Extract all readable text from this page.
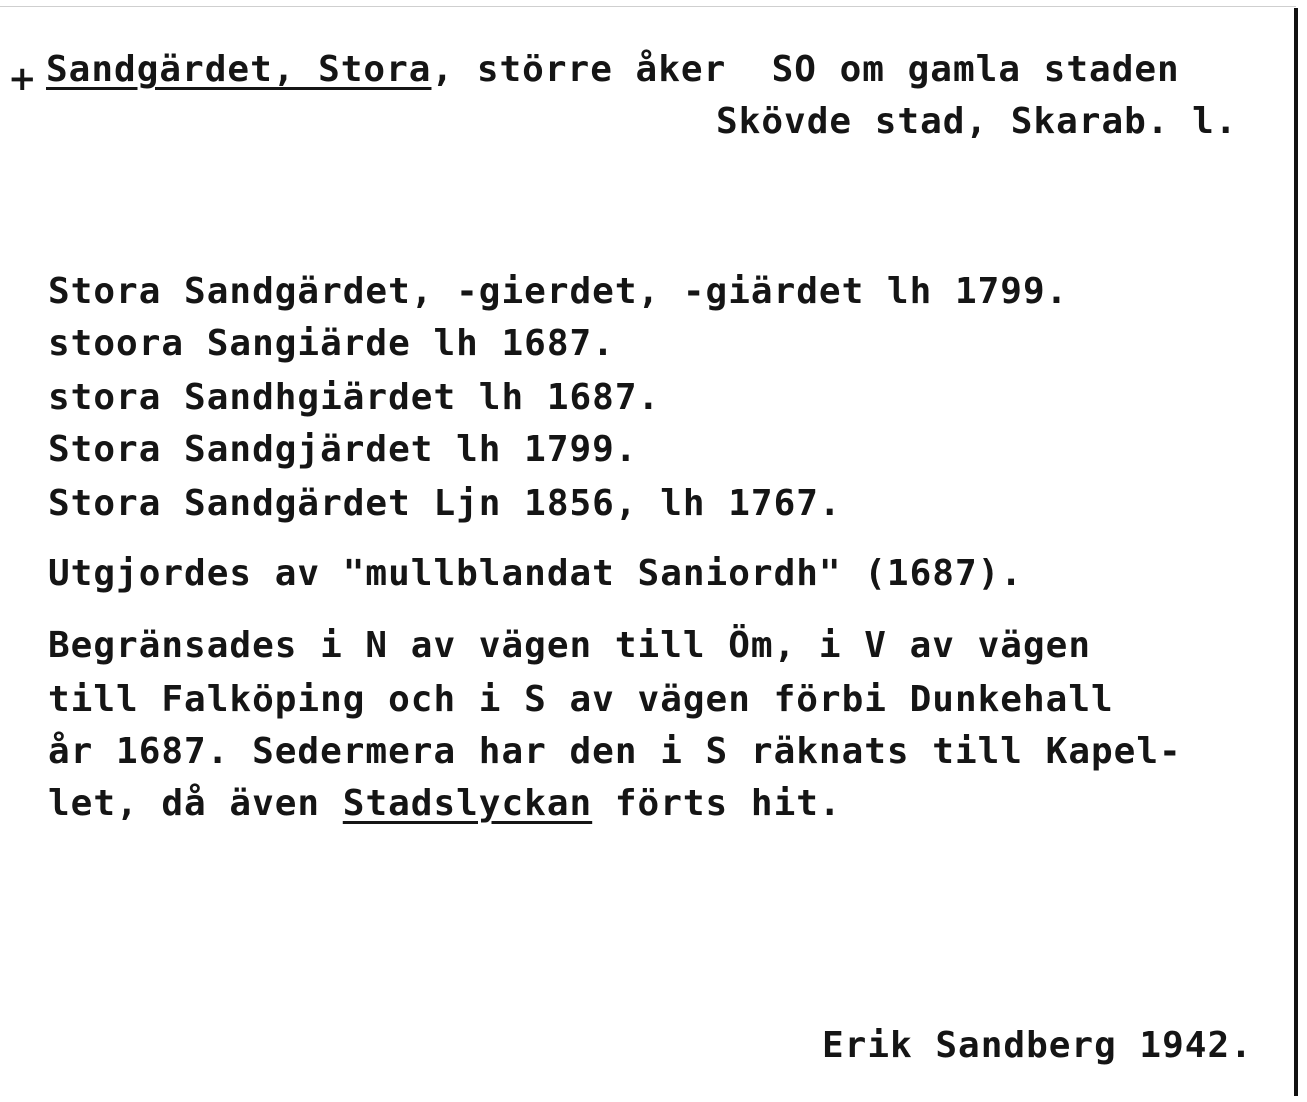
+ Sandgärdet, Stora, större åker  SO om gamla staden
Skövde stad, Skarab. l.
Stora Sandgärdet, -gierdet, -giärdet lh 1799.
stoora Sangiärde lh 1687.
stora Sandhgiärdet lh 1687.
Stora Sandgjärdet lh 1799.
Stora Sandgärdet Ljn 1856, lh 1767.
Utgjordes av "mullblandat Saniordh" (1687).
Begränsades i N av vägen till Öm, i V av vägen
till Falköping och i S av vägen förbi Dunkehall
år 1687. Sedermera har den i S räknats till Kapel-
let, då även Stadslyckan förts hit.
Erik Sandberg 1942.
